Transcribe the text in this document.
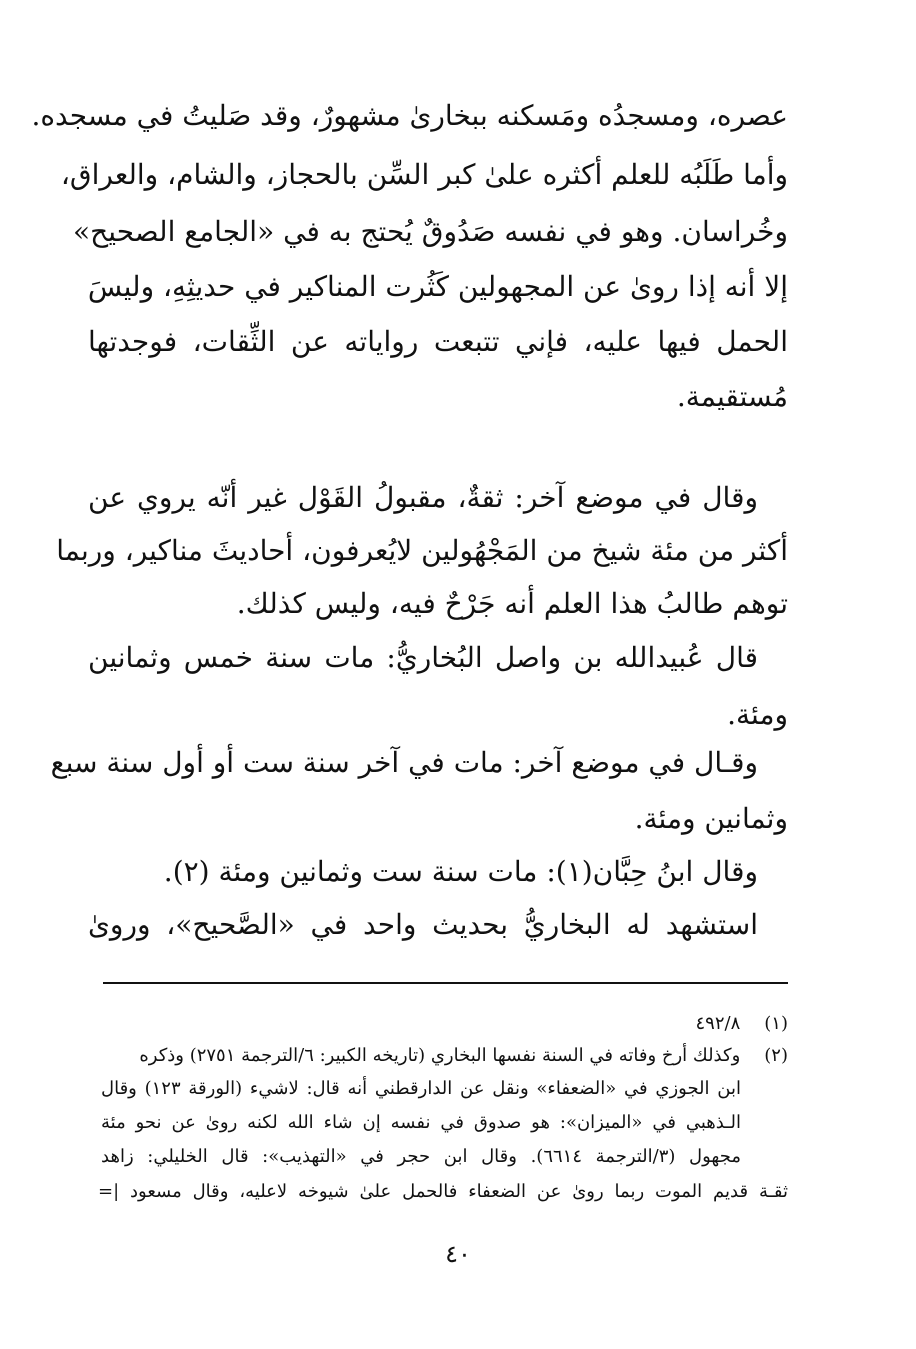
عصره، ومسجدُه ومَسكنه ببخارىٰ مشهورٌ، وقد صَليتُ في مسجده.
وأما طَلَبُه للعلم أكثره علىٰ كبر السِّن بالحجاز، والشام، والعراق،
وخُراسان. وهو في نفسه صَدُوقٌ يُحتج به في «الجامع الصحيح»
إلا أنه إذا روىٰ عن المجهولين كَثُرت المناكير في حديثِهِ، وليسَ
الحمل فيها عليه، فإني تتبعت رواياته عن الثِّقات، فوجدتها
مُستقيمة.
وقال في موضع آخر: ثقةٌ، مقبولُ القَوْل غير أنّه يروي عن
أكثر من مئة شيخ من المَجْهُولين لايُعرفون، أحاديثَ مناكير، وربما
توهم طالبُ هذا العلم أنه جَرْحٌ فيه، وليس كذلك.
قال عُبيدالله بن واصل البُخاريُّ: مات سنة خمس وثمانين
ومئة.
وقـال في موضع آخر: مات في آخر سنة ست أو أول سنة سبع
وثمانين ومئة.
وقال ابنُ حِبَّان(١): مات سنة ست وثمانين ومئة (٢).
استشهد له البخاريُّ بحديث واحد في «الصَّحيح»، وروىٰ
(١) ٤٩٢/٨
(٢) وكذلك أرخ وفاته في السنة نفسها البخاري (تاريخه الكبير: ٦/الترجمة ٢٧٥١) وذكره
ابن الجوزي في «الضعفاء» ونقل عن الدارقطني أنه قال: لاشيء (الورقة ١٢٣) وقال
الـذهبي في «الميزان»: هو صدوق في نفسه إن شاء الله لكنه روىٰ عن نحو مئة
مجهول (٣/الترجمة ٦٦١٤). وقال ابن حجر في «التهذيب»: قال الخليلي: زاهد
ثقـة قديم الموت ربما روىٰ عن الضعفاء فالحمل علىٰ شيوخه لاعليه، وقال مسعود |=
٤٠
